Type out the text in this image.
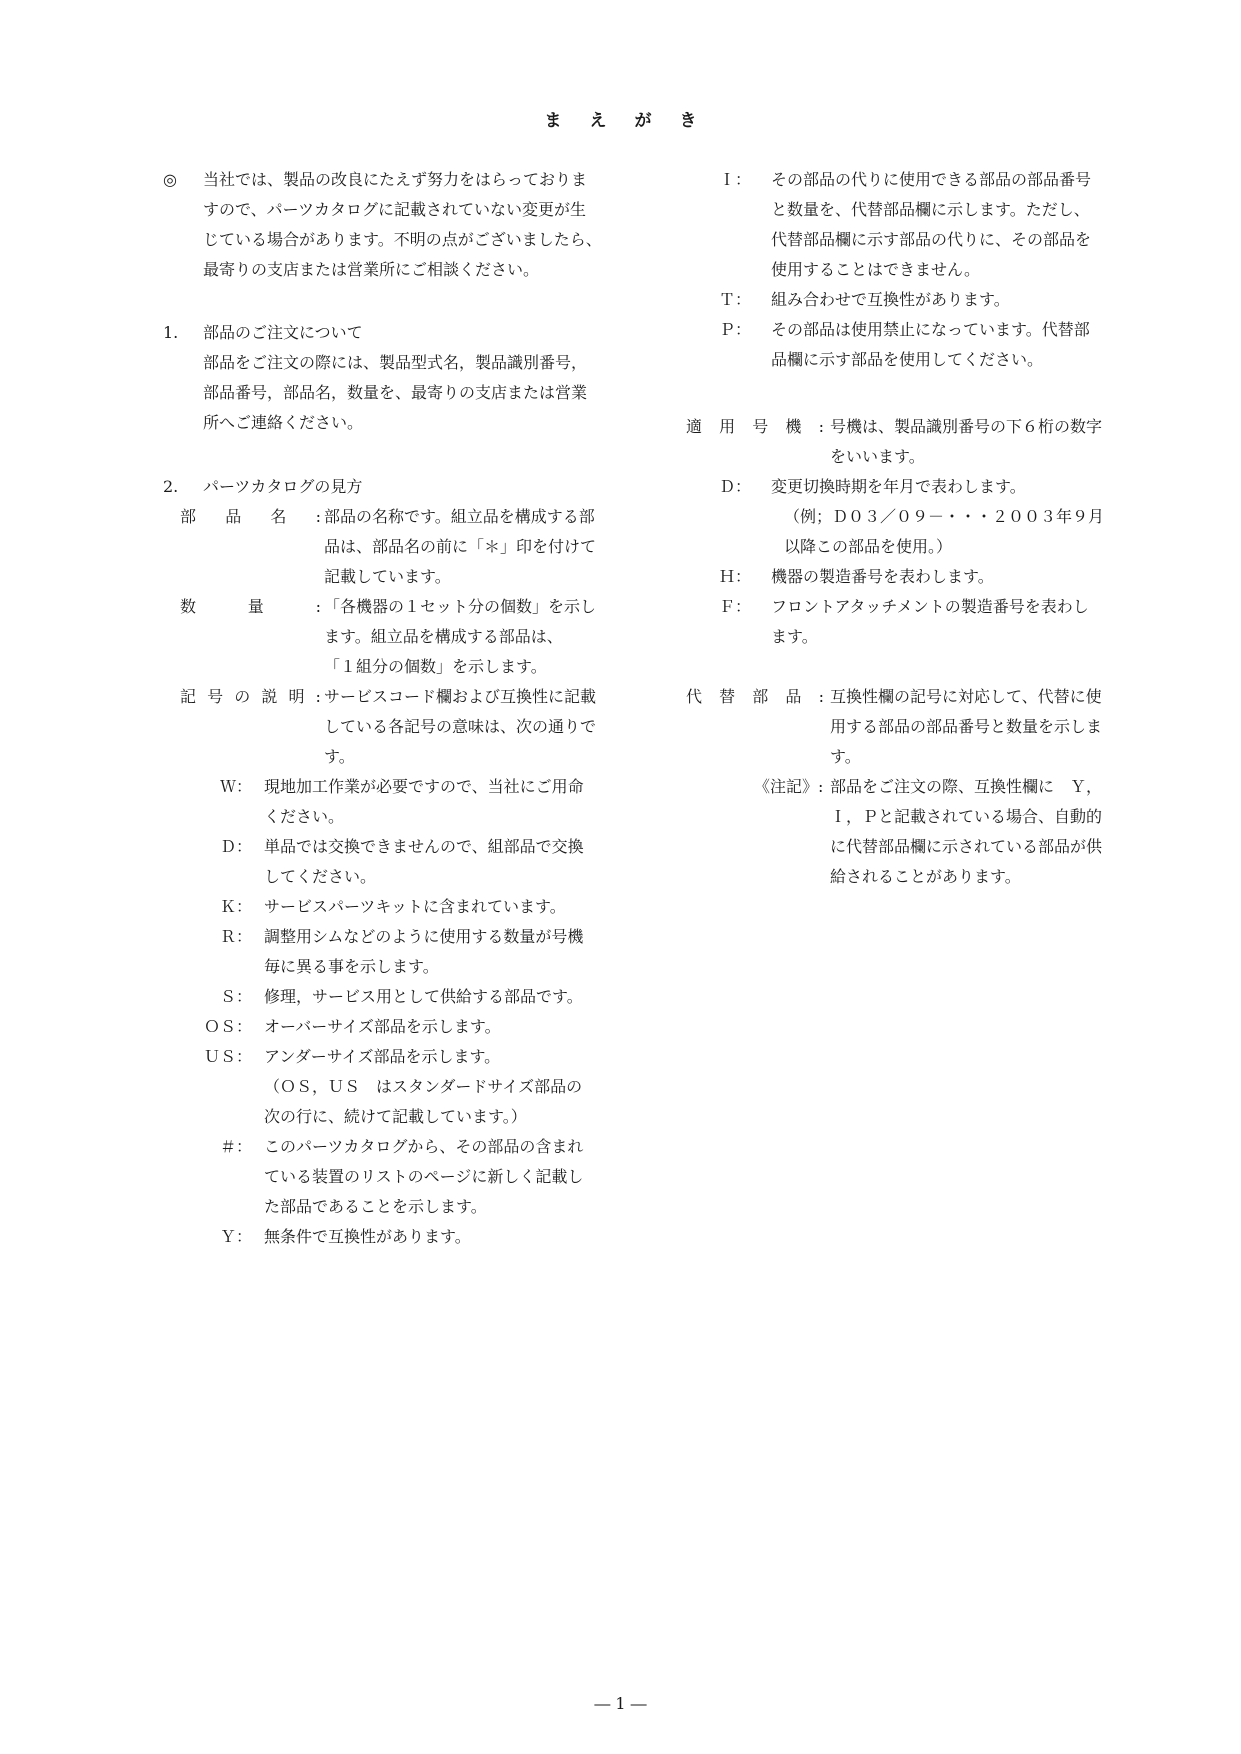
まえがき
◎	当社では、製品の改良にたえず努力をはらっておりま
すので、パーツカタログに記載されていない変更が生
じている場合があります。不明の点がございましたら、
最寄りの支店または営業所にご相談ください。
1.	部品のご注文について
部品をご注文の際には、製品型式名，製品識別番号，
部品番号，部品名，数量を、最寄りの支店または営業
所へご連絡ください。
2.	パーツカタログの見方
部 品 名 : 部品の名称です。組立品を構成する部
品は、部品名の前に「＊」印を付けて
記載しています。
数	量	: 「各機器の１セット分の個数」を示し
ます。組立品を構成する部品は、
「１組分の個数」を示します。
記 号 の 説 明 : サービスコード欄および互換性に記載
している各記号の意味は、次の通りで
す。
Ｗ： 現地加工作業が必要ですので、当社にご用命
ください。
Ｄ： 単品では交換できませんので、組部品で交換
してください。
Ｋ： サービスパーツキットに含まれています。
Ｒ： 調整用シムなどのように使用する数量が号機
毎に異る事を示します。
Ｓ： 修理，サービス用として供給する部品です。
ＯＳ： オーバーサイズ部品を示します。
ＵＳ： アンダーサイズ部品を示します。
（ＯＳ，ＵＳ　はスタンダードサイズ部品の
次の行に、続けて記載しています。）
＃： このパーツカタログから、その部品の含まれ
ている装置のリストのページに新しく記載し
た部品であることを示します。
Ｙ： 無条件で互換性があります。
Ｉ： その部品の代りに使用できる部品の部品番号
と数量を、代替部品欄に示します。ただし、
代替部品欄に示す部品の代りに、その部品を
使用することはできません。
Ｔ： 組み合わせで互換性があります。
Ｐ： その部品は使用禁止になっています。代替部
品欄に示す部品を使用してください。
適 用 号 機 : 号機は、製品識別番号の下６桁の数字
をいいます。
Ｄ： 変更切換時期を年月で表わします。
（例；Ｄ０３／０９－・・・２００３年９月
以降この部品を使用。）
Ｈ： 機器の製造番号を表わします。
Ｆ： フロントアタッチメントの製造番号を表わし
ます。
代 替 部 品 : 互換性欄の記号に対応して、代替に使
用する部品の部品番号と数量を示しま
す。
《注記》: 部品をご注文の際、互換性欄に　Ｙ，
Ｉ，Ｐと記載されている場合、自動的
に代替部品欄に示されている部品が供
給されることがあります。
― 1 ―
